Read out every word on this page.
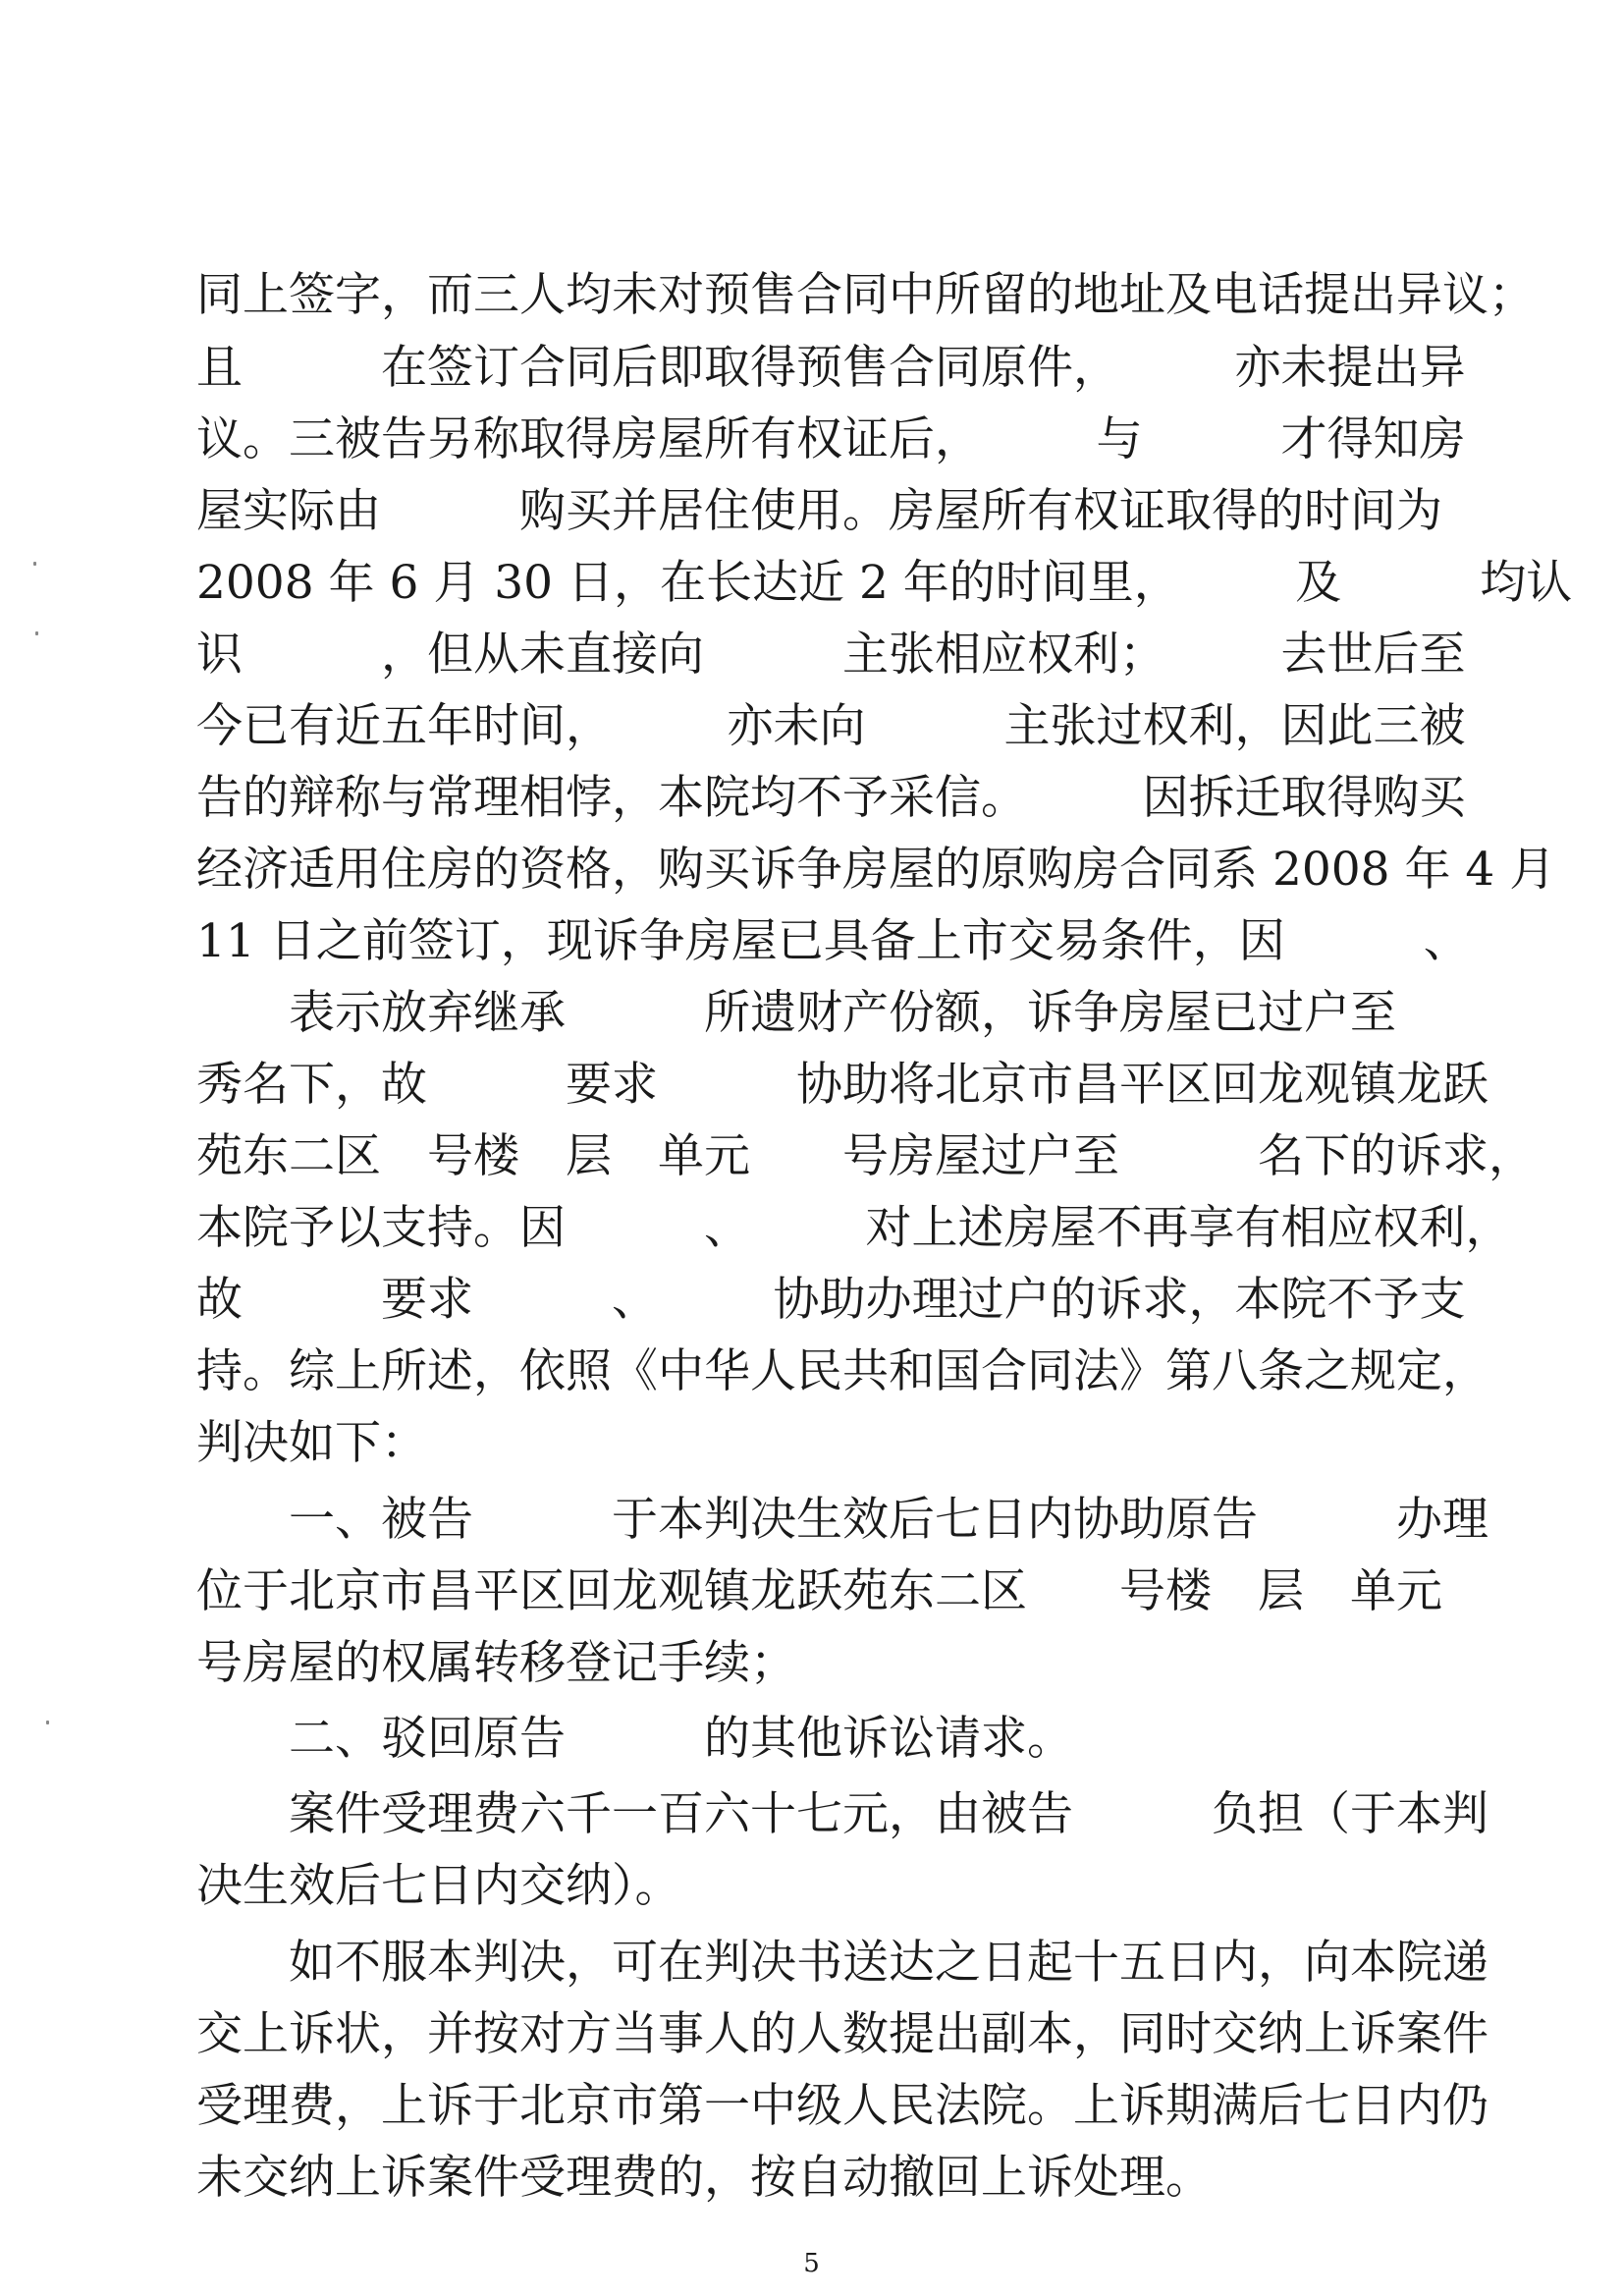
同上签字，而三人均未对预售合同中所留的地址及电话提出异议；
且　　　在签订合同后即取得预售合同原件，　　　亦未提出异
议。三被告另称取得房屋所有权证后，　　　与　　　才得知房
屋实际由　　　购买并居住使用。房屋所有权证取得的时间为
2008 年 6 月 30 日，在长达近 2 年的时间里，　　　及　　　均认
识　　　，但从未直接向　　　主张相应权利；　　　去世后至
今已有近五年时间，　　　亦未向　　　主张过权利，因此三被
告的辩称与常理相悖，本院均不予采信。　　　因拆迁取得购买
经济适用住房的资格，购买诉争房屋的原购房合同系 2008 年 4 月
11 日之前签订，现诉争房屋已具备上市交易条件，因　　　、
　　表示放弃继承　　　所遗财产份额，诉争房屋已过户至
秀名下，故　　　要求　　　协助将北京市昌平区回龙观镇龙跃
苑东二区　号楼　层　单元　　号房屋过户至　　　名下的诉求，
本院予以支持。因　　　、　　　对上述房屋不再享有相应权利，
故　　　要求　　　、　　　协助办理过户的诉求，本院不予支
持。综上所述，依照《中华人民共和国合同法》第八条之规定，
判决如下：
　　一、被告　　　于本判决生效后七日内协助原告　　　办理
位于北京市昌平区回龙观镇龙跃苑东二区　　号楼　层　单元
号房屋的权属转移登记手续；
　　二、驳回原告　　　的其他诉讼请求。
　　案件受理费六千一百六十七元，由被告　　　负担（于本判
决生效后七日内交纳）。
　　如不服本判决，可在判决书送达之日起十五日内，向本院递
交上诉状，并按对方当事人的人数提出副本，同时交纳上诉案件
受理费，上诉于北京市第一中级人民法院。上诉期满后七日内仍
未交纳上诉案件受理费的，按自动撤回上诉处理。
5
